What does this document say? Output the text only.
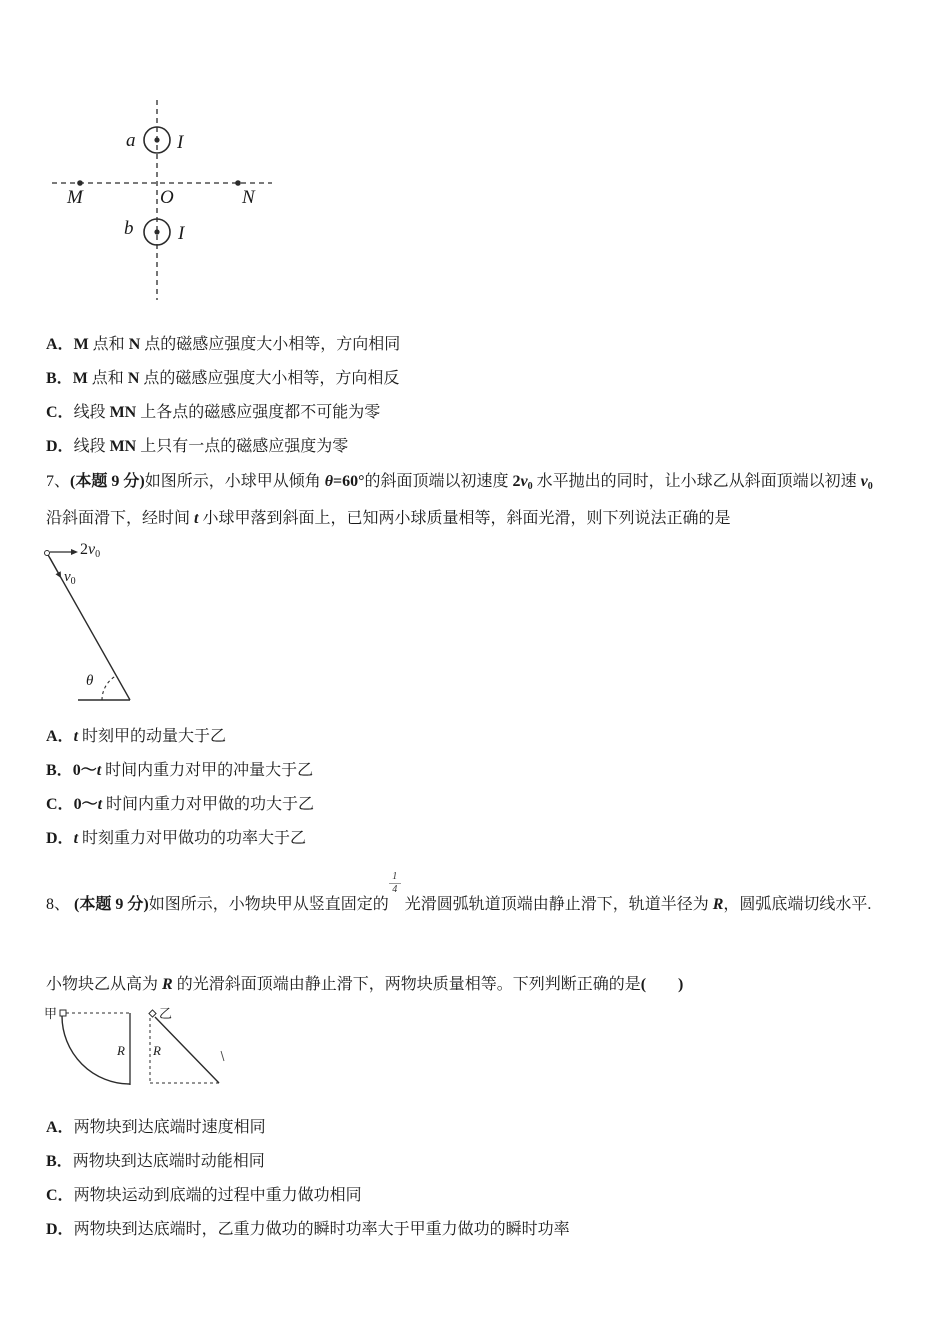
a I
M	O	N
b I
A．M 点和 N 点的磁感应强度大小相等，方向相同
B．M 点和 N 点的磁感应强度大小相等，方向相反
C．线段 MN 上各点的磁感应强度都不可能为零
D．线段 MN 上只有一点的磁感应强度为零
7、(本题 9 分)如图所示，小球甲从倾角 θ=60°的斜面顶端以初速度 $2v_0$ 水平抛出的同时，让小球乙从斜面顶端以初速 $v_0$
沿斜面滑下，经时间 t 小球甲落到斜面上，已知两小球质量相等，斜面光滑，则下列说法正确的是
2v0
$v_0$
θ
A．t 时刻甲的动量大于乙
B．0～t 时间内重力对甲的冲量大于乙
C．0～t 时间内重力对甲做的功大于乙
D．t 时刻重力对甲做功的功率大于乙
8、 (本题 9 分)如图所示，小物块甲从竖直固定的
$\frac{1}{4}$
光滑圆弧轨道顶端由静止滑下，轨道半径为 R，圆弧底端切线水平.
小物块乙从高为 R 的光滑斜面顶端由静止滑下，两物块质量相等。下列判断正确的是(　　)
甲
R
乙
R
A．两物块到达底端时速度相同
B．两物块到达底端时动能相同
C．两物块运动到底端的过程中重力做功相同
D．两物块到达底端时，乙重力做功的瞬时功率大于甲重力做功的瞬时功率
